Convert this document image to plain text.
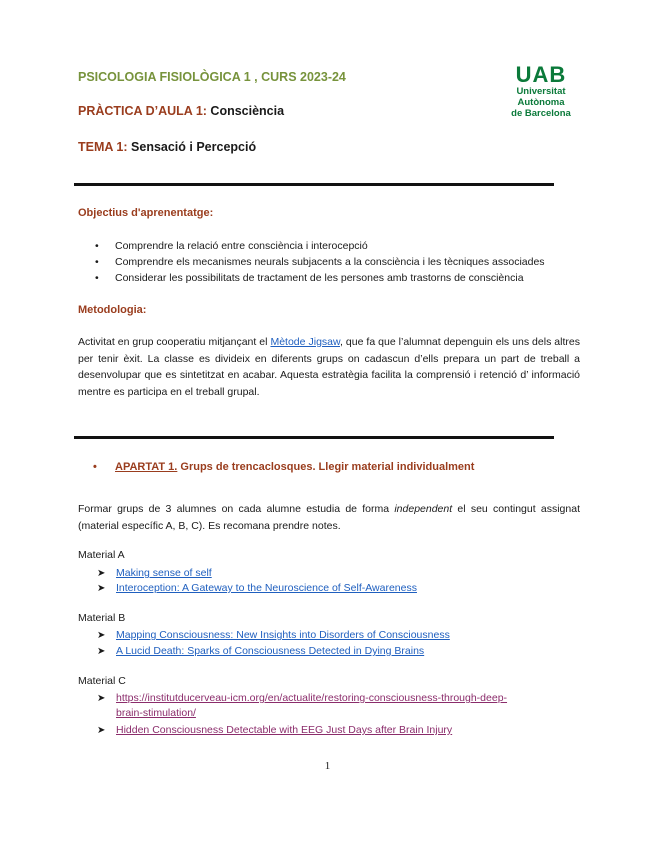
PSICOLOGIA FISIOLÒGICA 1 , CURS 2023-24
PRÀCTICA D’AULA 1: Consciència
TEMA 1: Sensació i Percepció
UAB
Universitat Autònoma
de Barcelona
Objectius d'aprenentatge:
• Comprendre la relació entre consciència i interocepció
• Comprendre els mecanismes neurals subjacents a la consciència i les tècniques associades
• Considerar les possibilitats de tractament de les persones amb trastorns de consciència
Metodologia:
Activitat en grup cooperatiu mitjançant el Mètode Jigsaw, que fa que l’alumnat depenguin els uns dels altres per tenir èxit. La classe es divideix en diferents grups on cadascun d’ells prepara un part de treball a desenvolupar que es sintetitzat en acabar. Aquesta estratègia facilita la comprensió i retenció d’ informació mentre es participa en el treball grupal.
• APARTAT 1. Grups de trencaclosques. Llegir material individualment
Formar grups de 3 alumnes on cada alumne estudia de forma independent el seu contingut assignat (material específic A, B, C). Es recomana prendre notes.
Material A
➤ Making sense of self
➤ Interoception: A Gateway to the Neuroscience of Self-Awareness
Material B
➤ Mapping Consciousness: New Insights into Disorders of Consciousness
➤ A Lucid Death: Sparks of Consciousness Detected in Dying Brains
Material C
➤ https://institutducerveau-icm.org/en/actualite/restoring-consciousness-through-deep-
brain-stimulation/
➤ Hidden Consciousness Detectable with EEG Just Days after Brain Injury
1
